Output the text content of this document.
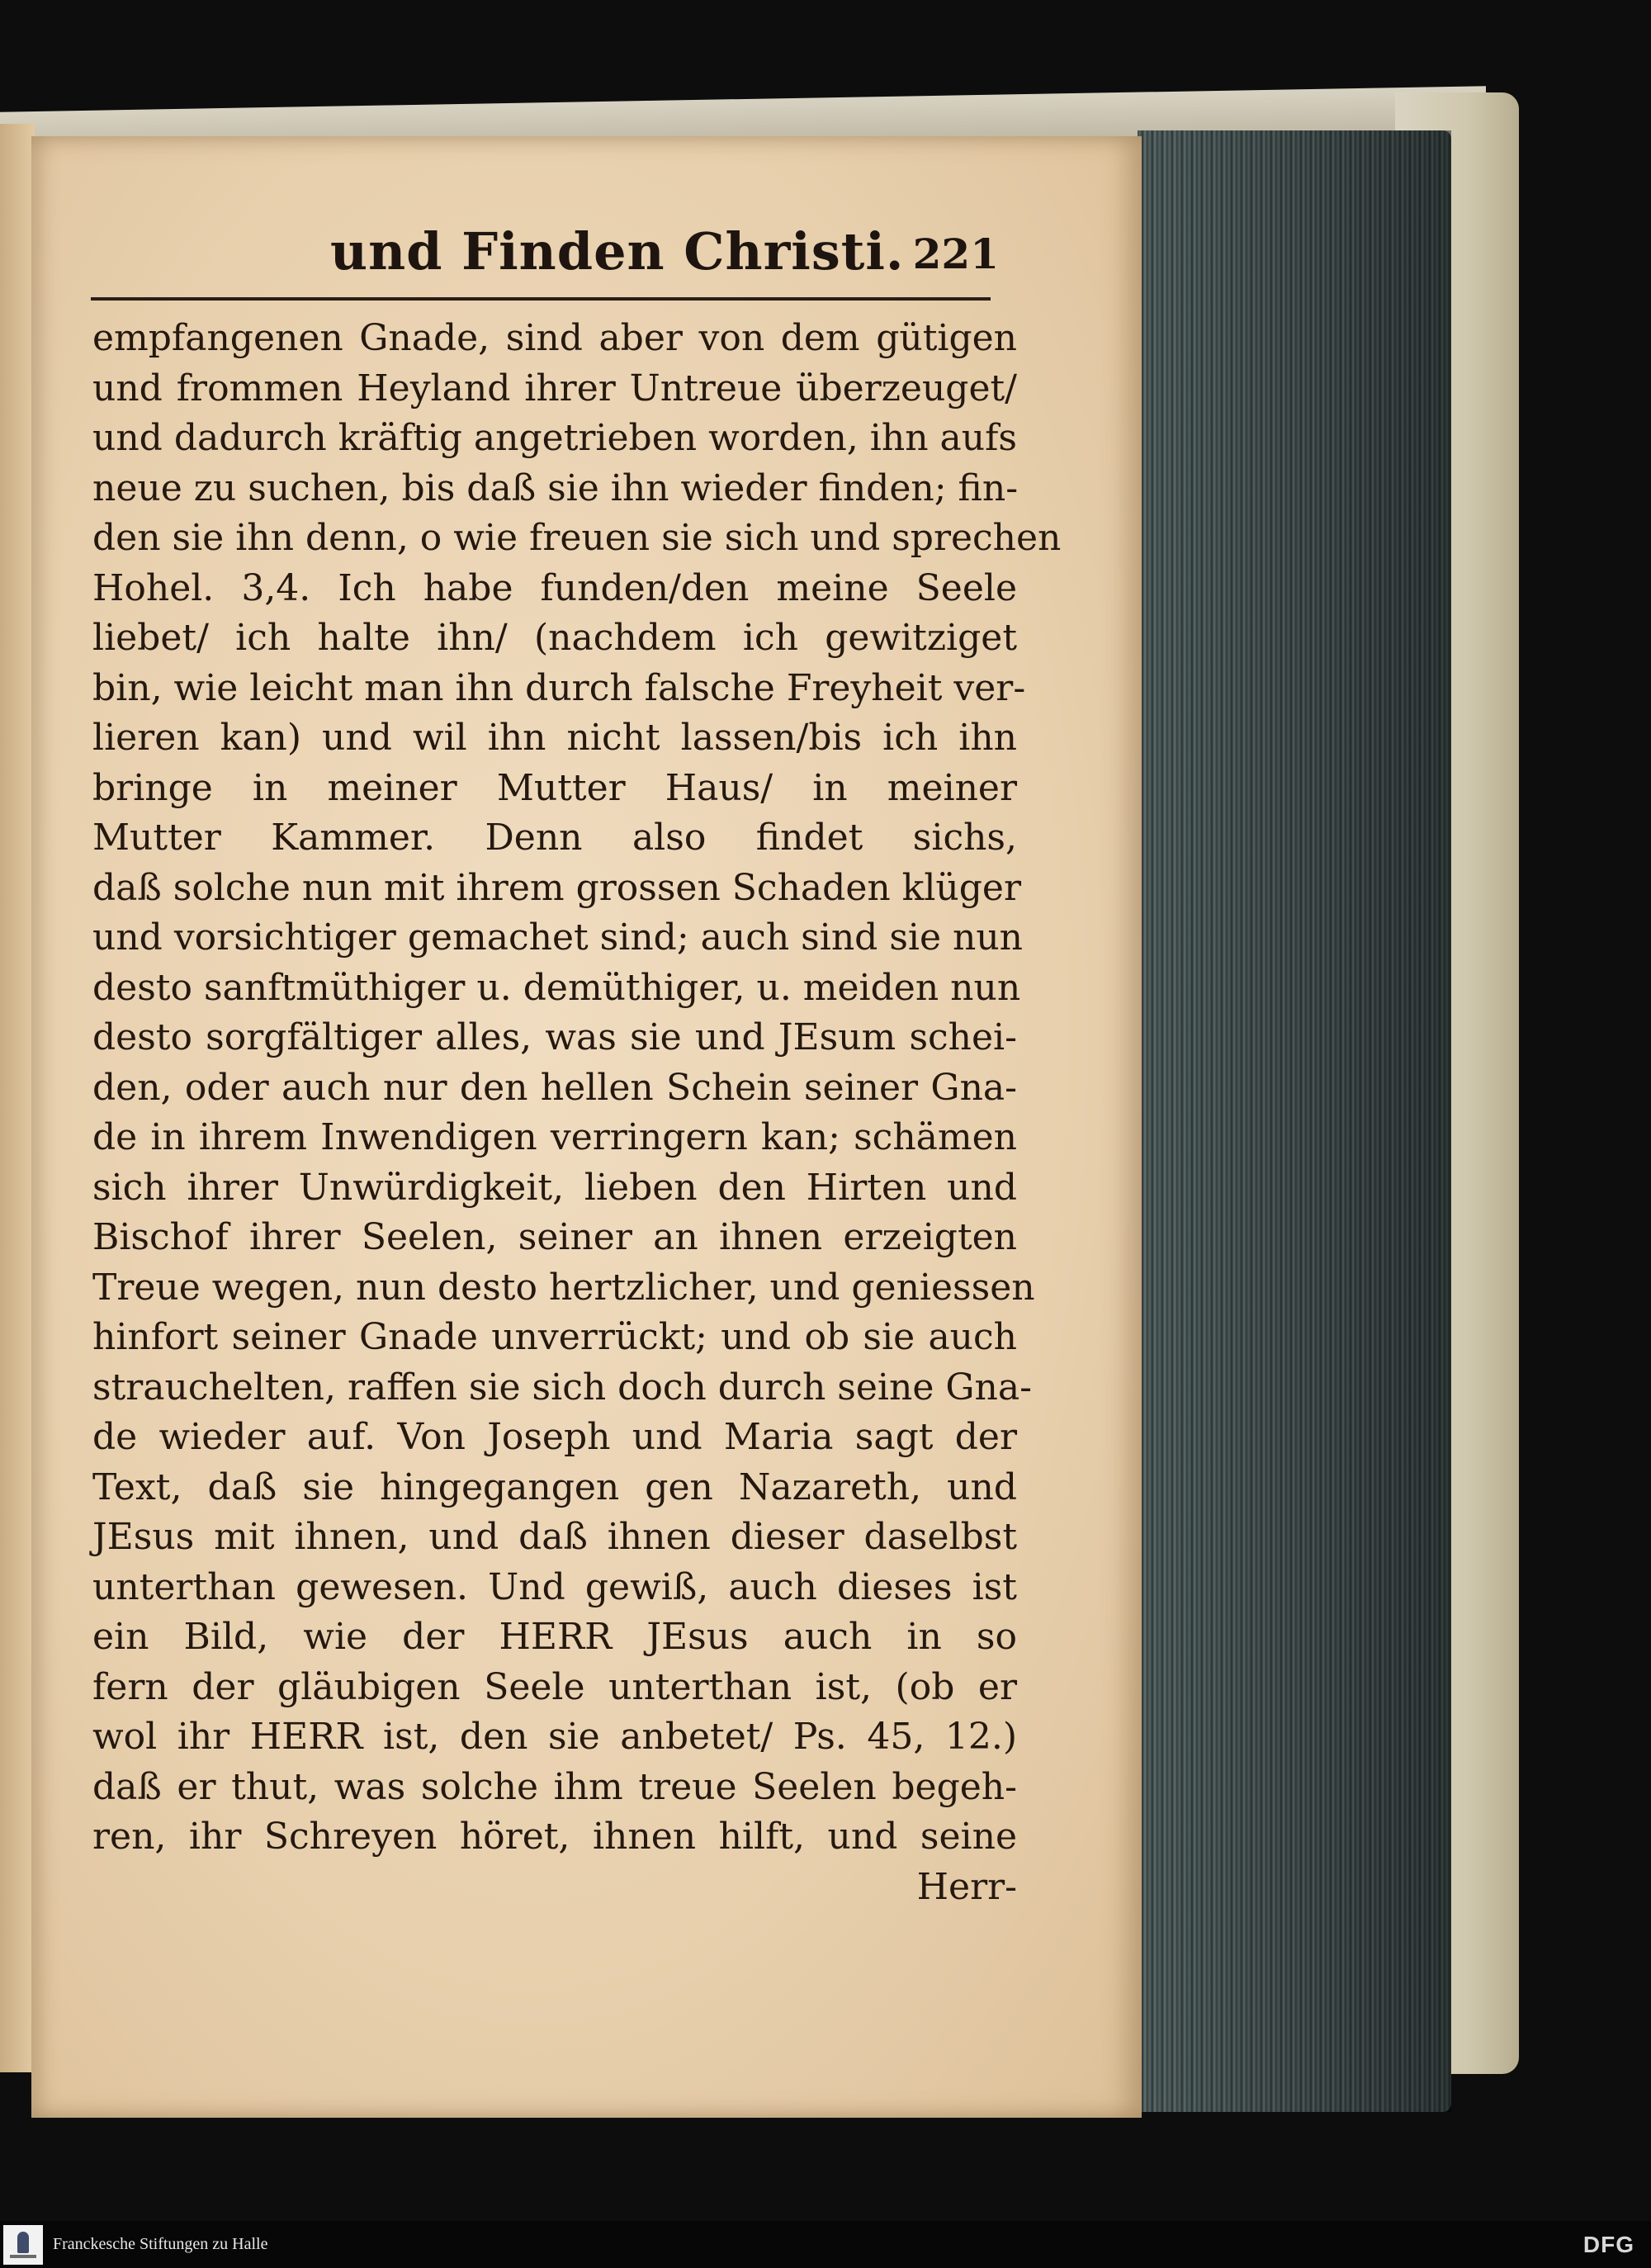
und Finden Christi. 221
empfangenen Gnade, sind aber von dem gütigen
und frommen Heyland ihrer Untreue überzeuget/
und dadurch kräftig angetrieben worden, ihn aufs
neue zu suchen, bis daß sie ihn wieder finden; fin-
den sie ihn denn, o wie freuen sie sich und sprechen
Hohel. 3,4. Ich habe funden/den meine Seele
liebet/ ich halte ihn/ (nachdem ich gewitziget
bin, wie leicht man ihn durch falsche Freyheit ver-
lieren kan) und wil ihn nicht lassen/bis ich ihn
bringe in meiner Mutter Haus/ in meiner
Mutter Kammer. Denn also findet sichs,
daß solche nun mit ihrem grossen Schaden klüger
und vorsichtiger gemachet sind; auch sind sie nun
desto sanftmüthiger u. demüthiger, u. meiden nun
desto sorgfältiger alles, was sie und JEsum schei-
den, oder auch nur den hellen Schein seiner Gna-
de in ihrem Inwendigen verringern kan; schämen
sich ihrer Unwürdigkeit, lieben den Hirten und
Bischof ihrer Seelen, seiner an ihnen erzeigten
Treue wegen, nun desto hertzlicher, und geniessen
hinfort seiner Gnade unverrückt; und ob sie auch
strauchelten, raffen sie sich doch durch seine Gna-
de wieder auf. Von Joseph und Maria sagt der
Text, daß sie hingegangen gen Nazareth, und
JEsus mit ihnen, und daß ihnen dieser daselbst
unterthan gewesen. Und gewiß, auch dieses ist
ein Bild, wie der HERR JEsus auch in so
fern der gläubigen Seele unterthan ist, (ob er
wol ihr HERR ist, den sie anbetet/ Ps. 45, 12.)
daß er thut, was solche ihm treue Seelen begeh-
ren, ihr Schreyen höret, ihnen hilft, und seine
Herr-
Franckesche Stiftungen zu Halle	DFG
